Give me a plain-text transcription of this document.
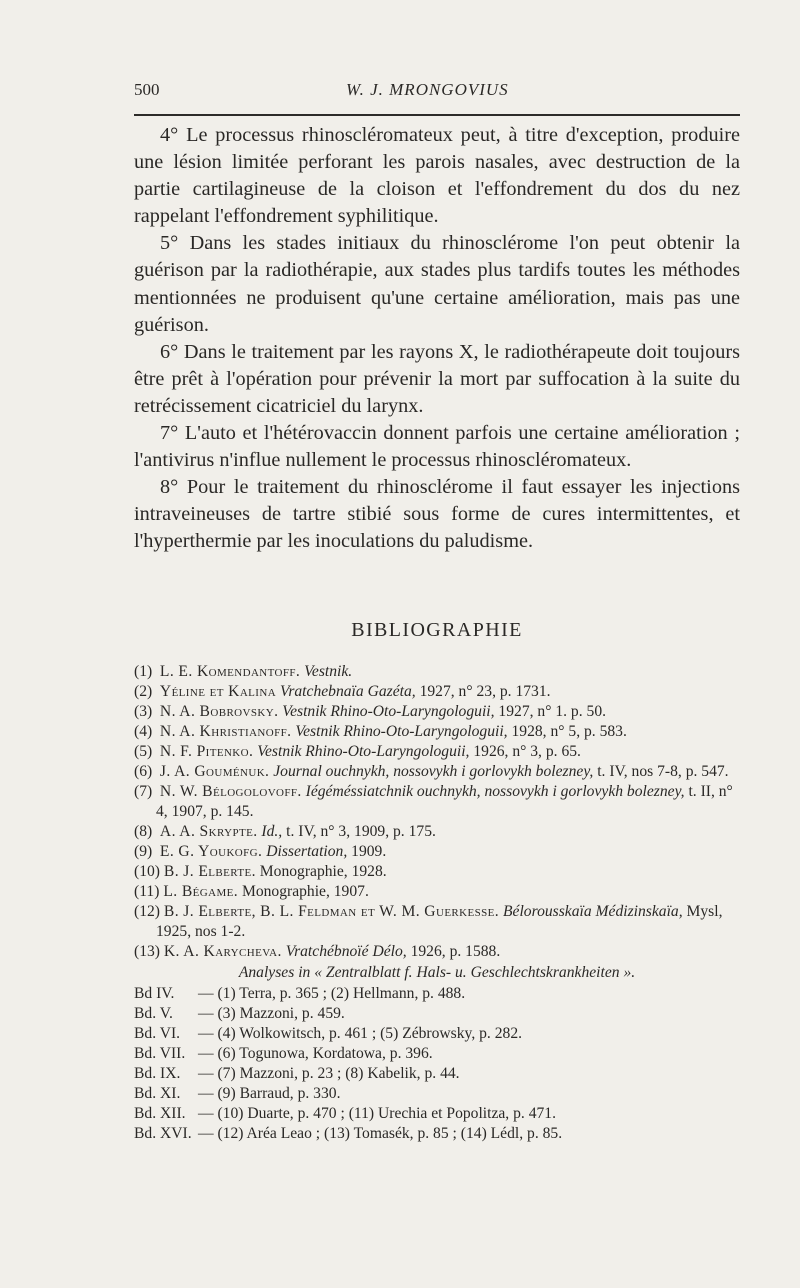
500	W. J. MRONGOVIUS

4° Le processus rhinoscléromateux peut, à titre d'exception, produire une lésion limitée perforant les parois nasales, avec destruction de la partie cartilagineuse de la cloison et l'effondrement du dos du nez rappelant l'effondrement syphilitique.

5° Dans les stades initiaux du rhinosclérome l'on peut obtenir la guérison par la radiothérapie, aux stades plus tardifs toutes les méthodes mentionnées ne produisent qu'une certaine amélioration, mais pas une guérison.

6° Dans le traitement par les rayons X, le radiothérapeute doit toujours être prêt à l'opération pour prévenir la mort par suffocation à la suite du retrécissement cicatriciel du larynx.

7° L'auto et l'hétérovaccin donnent parfois une certaine amélioration ; l'antivirus n'influe nullement le processus rhinoscléromateux.

8° Pour le traitement du rhinosclérome il faut essayer les injections intraveineuses de tartre stibié sous forme de cures intermittentes, et l'hyperthermie par les inoculations du paludisme.

BIBLIOGRAPHIE
(1) L. E. Komendantoff. Vestnik.
(2) Yéline et Kalina Vratchebnaïa Gazéta, 1927, n° 23, p. 1731.
(3) N. A. Bobrovsky. Vestnik Rhino-Oto-Laryngologuii, 1927, n° 1. p. 50.
(4) N. A. Khristianoff. Vestnik Rhino-Oto-Laryngologuii, 1928, n° 5, p. 583.
(5) N. F. Pitenko. Vestnik Rhino-Oto-Laryngologuii, 1926, n° 3, p. 65.
(6) J. A. Gouménuk. Journal ouchnykh, nossovykh i gorlovykh bolezney, t. IV, nos 7-8, p. 547.
(7) N. W. Bélogolovoff. Iégéméssiatchnik ouchnykh, nossovykh i gorlovykh bolezney, t. II, n° 4, 1907, p. 145.
(8) A. A. Skrypte. Id., t. IV, n° 3, 1909, p. 175.
(9) E. G. Youkofg. Dissertation, 1909.
(10) B. J. Elberte. Monographie, 1928.
(11) L. Bégame. Monographie, 1907.
(12) B. J. Elberte, B. L. Feldman et W. M. Guerkesse. Bélorousskaïa Médizinskaïa, Mysl, 1925, nos 1-2.
(13) K. A. Karycheva. Vratchébnoïé Délo, 1926, p. 1588.
Analyses in « Zentralblatt f. Hals- u. Geschlechtskrankheiten ».
Bd IV.	— (1) Terra, p. 365 ; (2) Hellmann, p. 488.
Bd. V.	— (3) Mazzoni, p. 459.
Bd. VI.	— (4) Wolkowitsch, p. 461 ; (5) Zébrowsky, p. 282.
Bd. VII. — (6) Togunowa, Kordatowa, p. 396.
Bd. IX.	— (7) Mazzoni, p. 23 ; (8) Kabelik, p. 44.
Bd. XI.	— (9) Barraud, p. 330.
Bd. XII. — (10) Duarte, p. 470 ; (11) Urechia et Popolitza, p. 471.
Bd. XVI. — (12) Aréa Leao ; (13) Tomasék, p. 85 ; (14) Lédl, p. 85.
